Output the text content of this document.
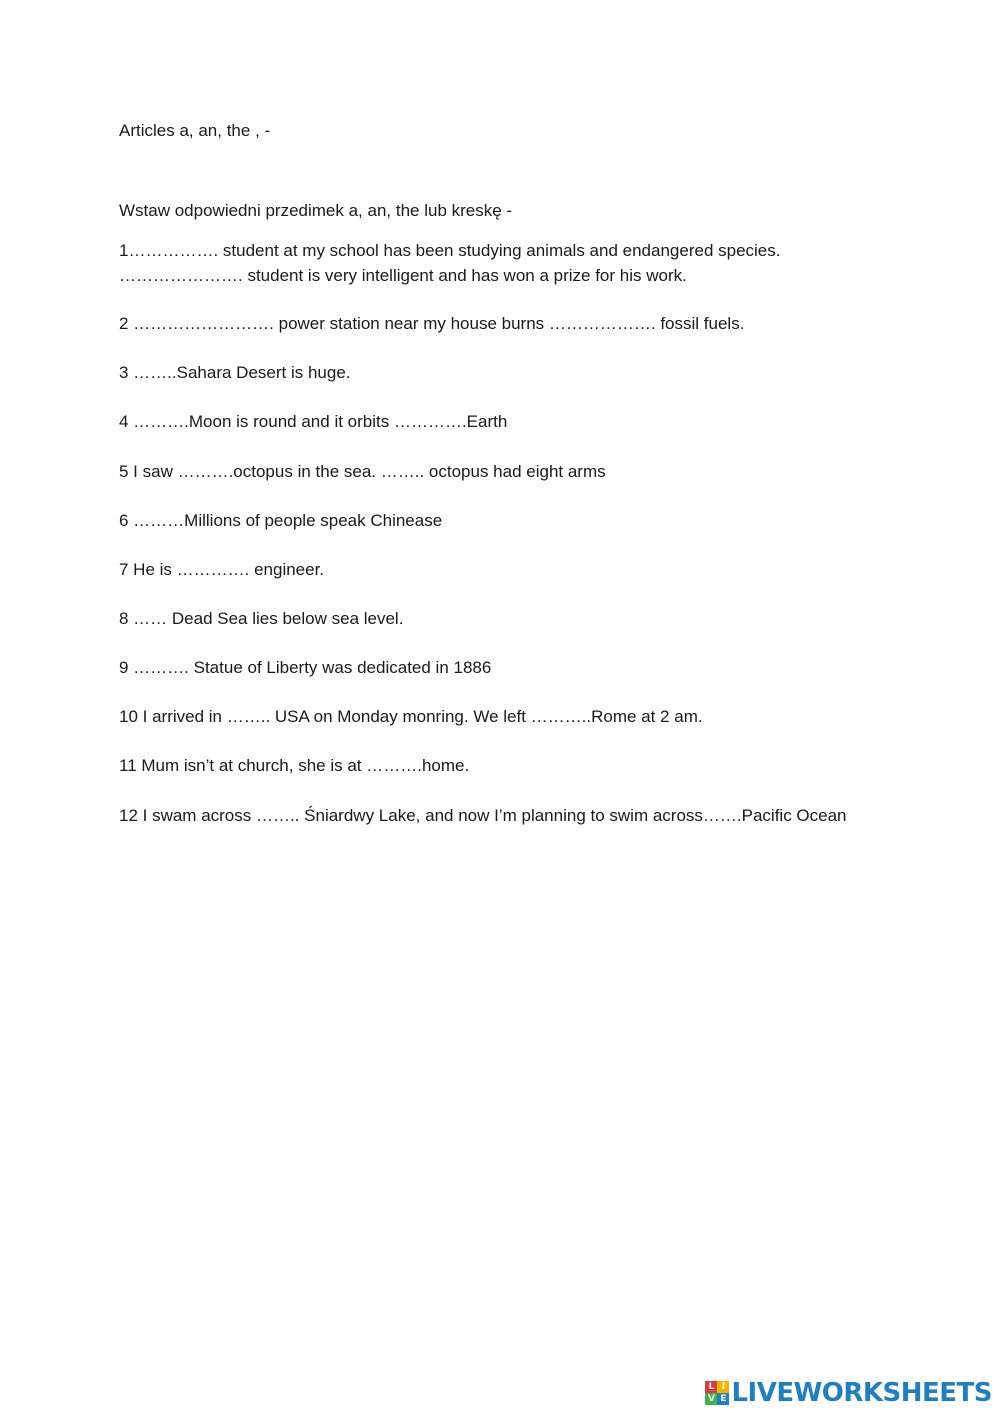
Articles a, an, the , -
Wstaw odpowiedni przedimek a, an, the lub kreskę -
1……………. student at my school has been studying animals and endangered species.
…………………. student is very intelligent and has won a prize for his work.
2 ……………………. power station near my house burns ………………. fossil fuels.
3 ……..Sahara Desert is huge.
4 ……….Moon is round and it orbits ………….Earth
5 I saw ……….octopus in the sea. …….. octopus had eight arms
6 ………Millions of people speak Chinease
7 He is …………. engineer.
8 …… Dead Sea lies below sea level.
9 ………. Statue of Liberty was dedicated in 1886
10 I arrived in …….. USA on Monday monring. We left ………..Rome at 2 am.
11 Mum isn’t at church, she is at ……….home.
12 I swam across …….. Śniardwy Lake, and now I’m planning to swim across…….Pacific Ocean
L I
V E LIVEWORKSHEETS
